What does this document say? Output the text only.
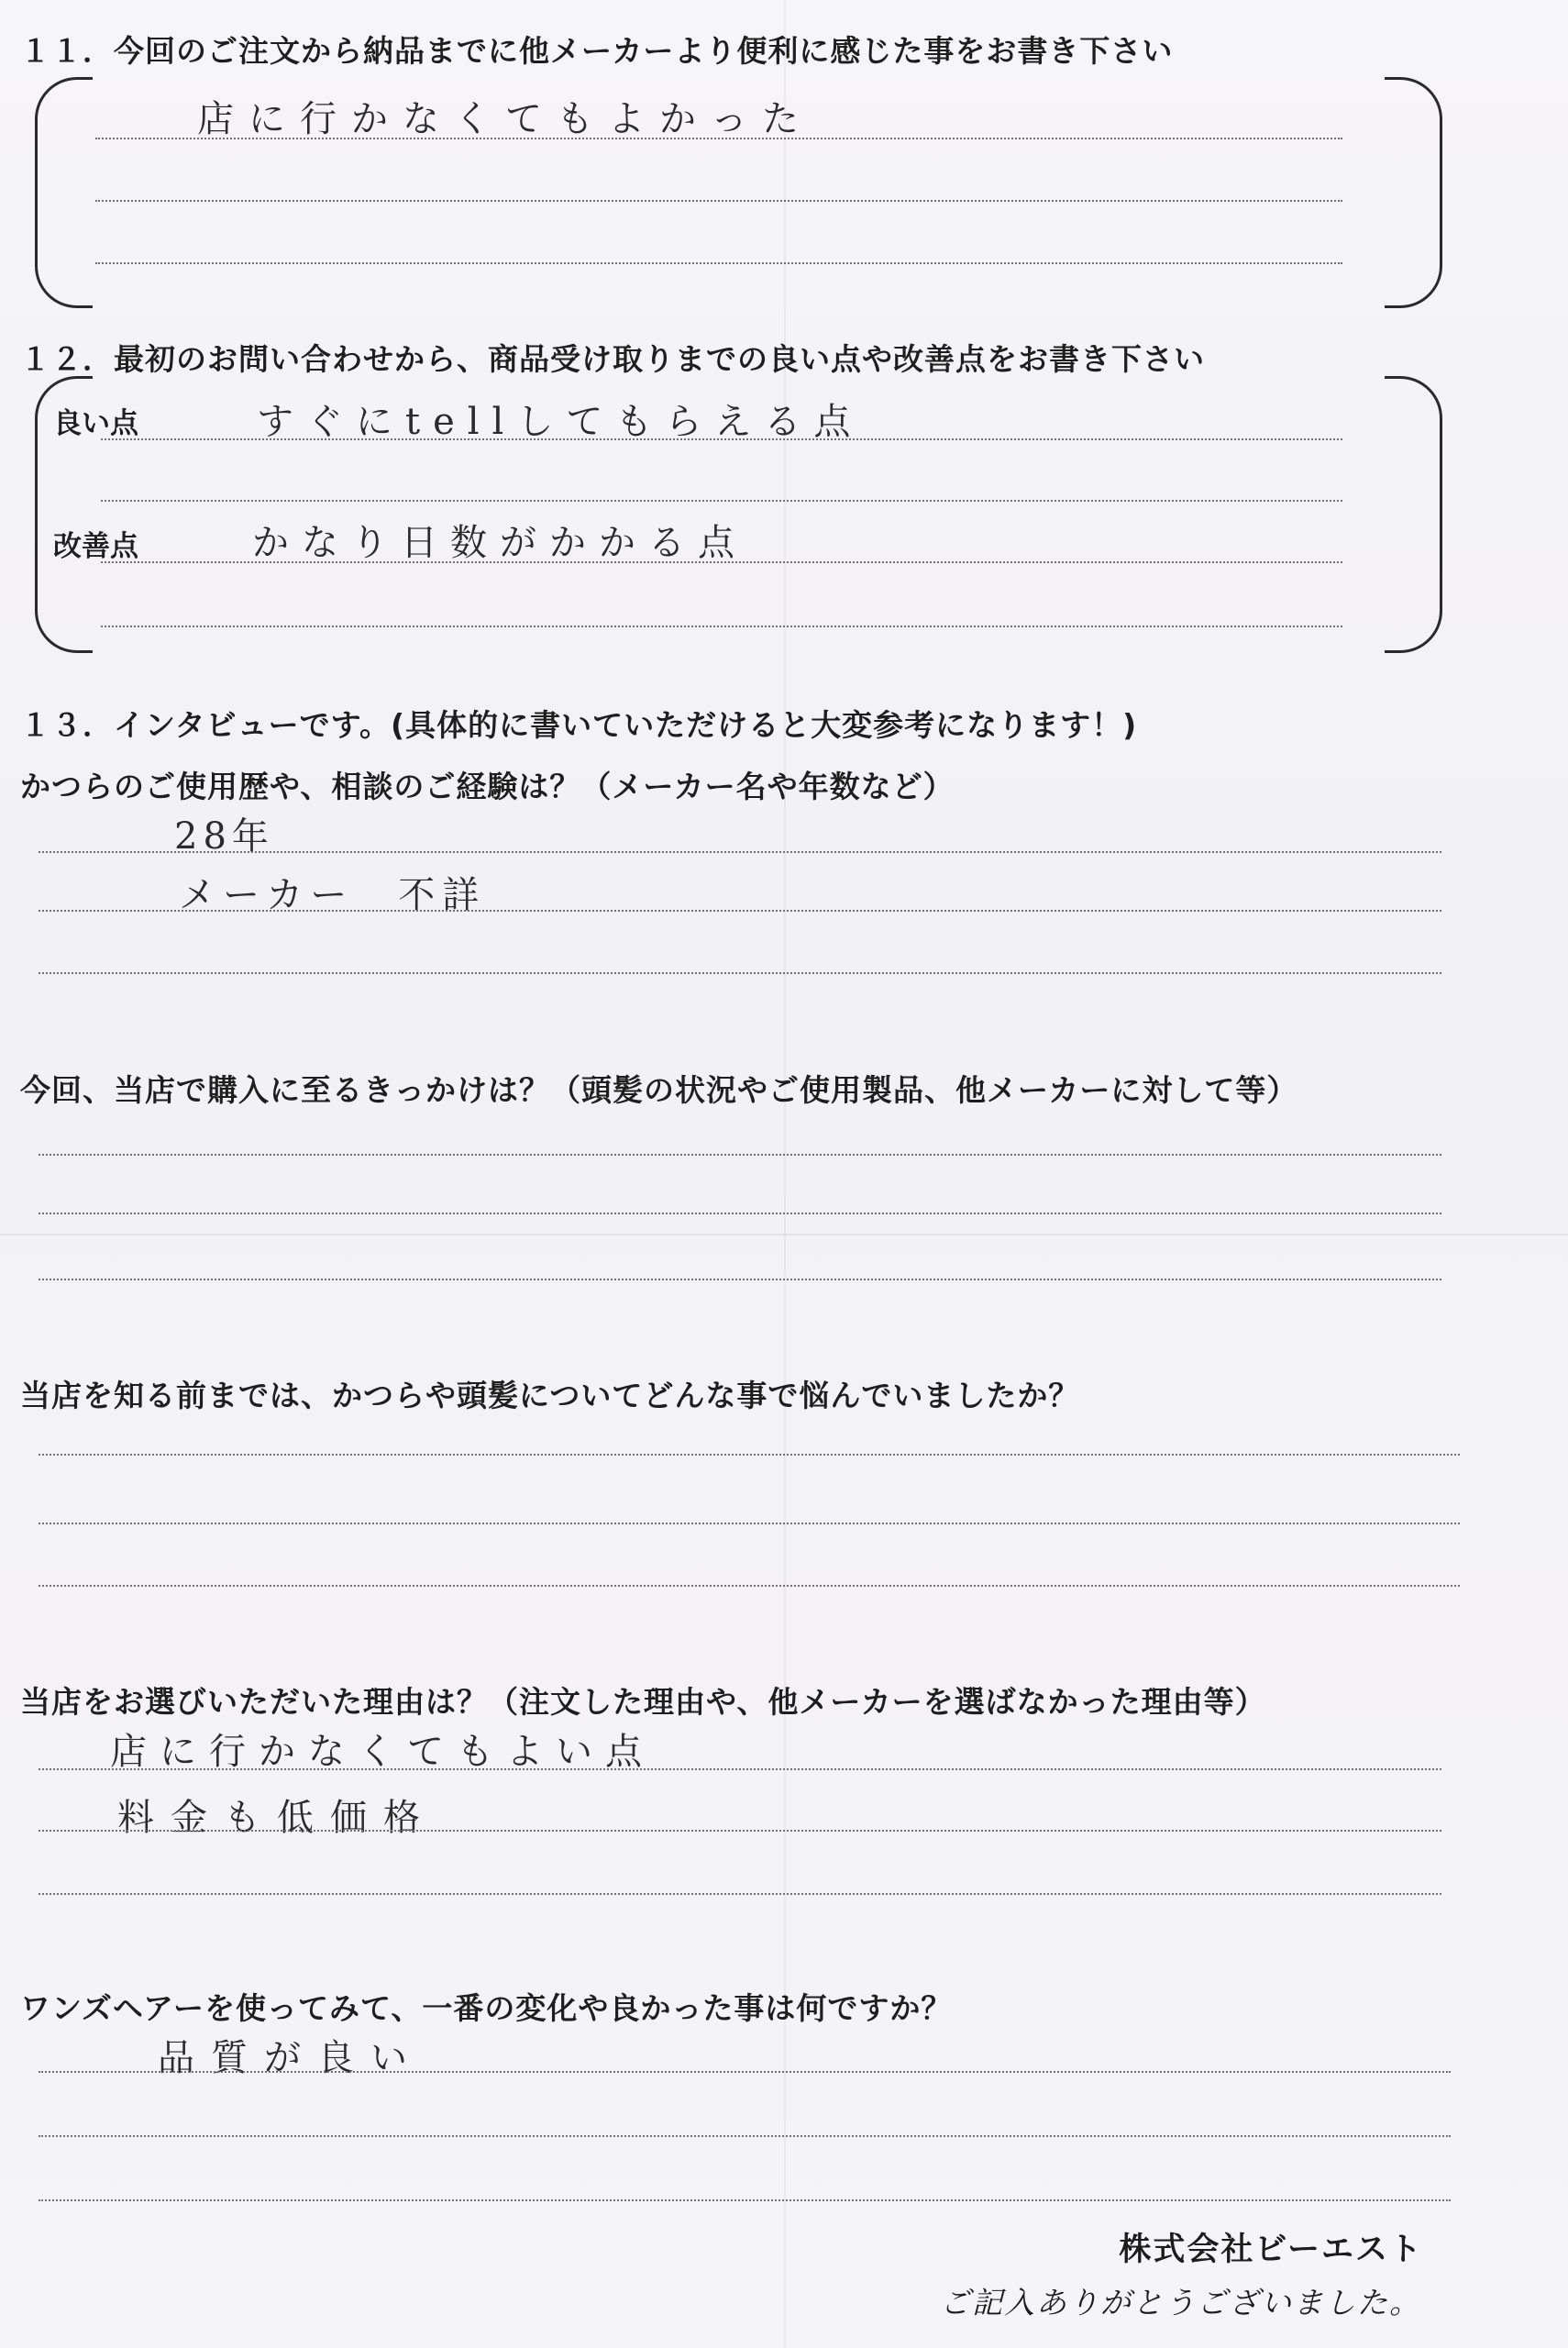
１１．今回のご注文から納品までに他メーカーより便利に感じた事をお書き下さい
店に行かなくてもよかった
１２．最初のお問い合わせから、商品受け取りまでの良い点や改善点をお書き下さい
良い点	すぐにtellしてもらえる点
改善点	かなり日数がかかる点
１３．インタビューです。(具体的に書いていただけると大変参考になります！)
かつらのご使用歴や、相談のご経験は？（メーカー名や年数など）
28年
メーカー　不詳
今回、当店で購入に至るきっかけは？（頭髪の状況やご使用製品、他メーカーに対して等）
当店を知る前までは、かつらや頭髪についてどんな事で悩んでいましたか？
当店をお選びいただいた理由は？（注文した理由や、他メーカーを選ばなかった理由等）
店に行かなくてもよい点
料金も低価格
ワンズヘアーを使ってみて、一番の変化や良かった事は何ですか？
品質が良い
株式会社ビーエスト
ご記入ありがとうございました。
